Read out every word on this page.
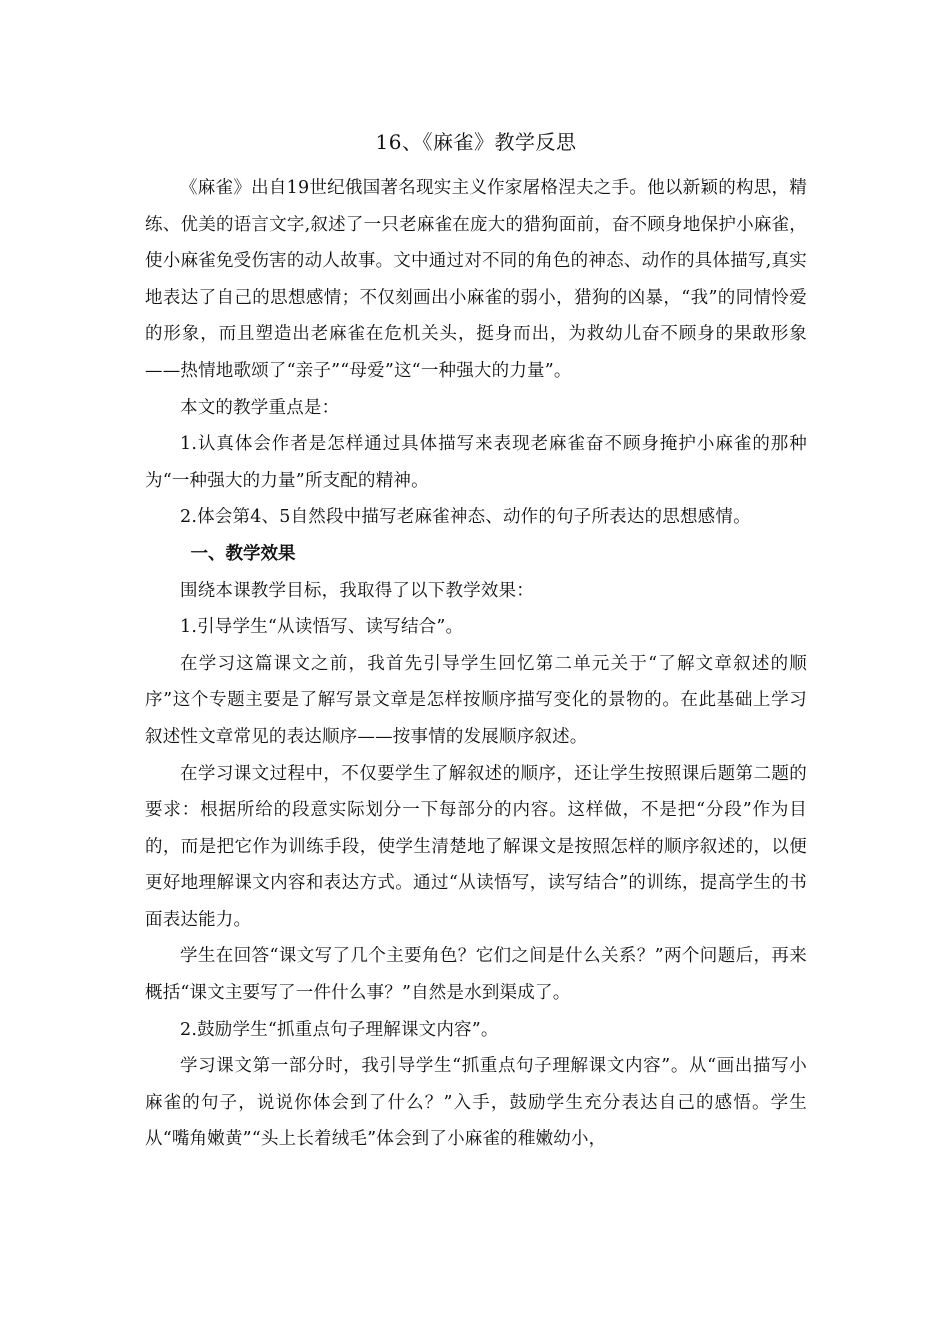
16、《麻雀》教学反思

《麻雀》出自19世纪俄国著名现实主义作家屠格涅夫之手。他以新颖的构思，精练、优美的语言文字,叙述了一只老麻雀在庞大的猎狗面前，奋不顾身地保护小麻雀，使小麻雀免受伤害的动人故事。文中通过对不同的角色的神态、动作的具体描写,真实地表达了自己的思想感情；不仅刻画出小麻雀的弱小，猎狗的凶暴，“我”的同情怜爱的形象，而且塑造出老麻雀在危机关头，挺身而出，为救幼儿奋不顾身的果敢形象——热情地歌颂了“亲子”“母爱”这“一种强大的力量”。

本文的教学重点是：

1.认真体会作者是怎样通过具体描写来表现老麻雀奋不顾身掩护小麻雀的那种为“一种强大的力量”所支配的精神。

2.体会第4、5自然段中描写老麻雀神态、动作的句子所表达的思想感情。

一、教学效果

围绕本课教学目标，我取得了以下教学效果：

1.引导学生“从读悟写、读写结合”。

在学习这篇课文之前，我首先引导学生回忆第二单元关于“了解文章叙述的顺序”这个专题主要是了解写景文章是怎样按顺序描写变化的景物的。在此基础上学习叙述性文章常见的表达顺序——按事情的发展顺序叙述。

在学习课文过程中，不仅要学生了解叙述的顺序，还让学生按照课后题第二题的要求：根据所给的段意实际划分一下每部分的内容。这样做，不是把“分段”作为目的，而是把它作为训练手段，使学生清楚地了解课文是按照怎样的顺序叙述的，以便更好地理解课文内容和表达方式。通过“从读悟写，读写结合”的训练，提高学生的书面表达能力。

学生在回答“课文写了几个主要角色？它们之间是什么关系？”两个问题后，再来概括“课文主要写了一件什么事？”自然是水到渠成了。

2.鼓励学生“抓重点句子理解课文内容”。

学习课文第一部分时，我引导学生“抓重点句子理解课文内容”。从“画出描写小麻雀的句子，说说你体会到了什么？”入手，鼓励学生充分表达自己的感悟。学生从“嘴角嫩黄”“头上长着绒毛”体会到了小麻雀的稚嫩幼小，
